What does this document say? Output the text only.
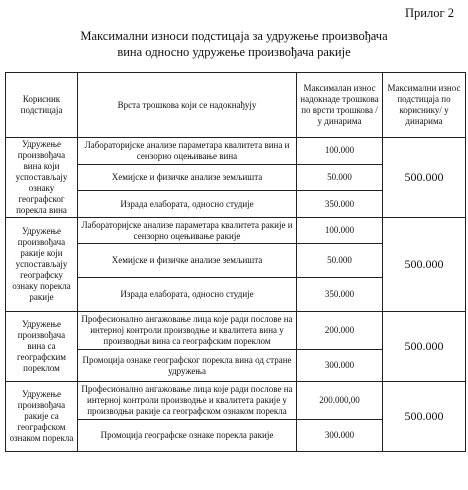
Прилог 2
Максимални износи подстицаја за удружење произвођача
вина односно удружење произвођача ракије
Корисник подстицаја	Врста трошкова који се надокнађују	Максималан износ надокнаде трошкова по врсти трошкова / у динарима	Максимални износ подстицаја по кориснику/ у динарима
Удружење произвођача вина који успостављају ознаку географског порекла вина	Лабораторијске анализе параметара квалитета вина и сензорно оцењивање вина	100.000	500.000
	Хемијске и физичке анализе земљишта	50.000	
	Израда елабората, односно студије	350.000	
Удружење произвођача ракије који успостављају географску ознаку порекла ракије	Лабораторијске анализе параметара квалитета ракије и сензорно оцењивање ракије	100.000	500.000
	Хемијске и физичке анализе земљишта	50.000	
	Израда елабората, односно студије	350.000	
Удружење произвођача вина са географским пореклом	Професионално ангажовање лица које ради послове на интерној контроли производње и квалитета вина у производњи вина са географским пореклом	200.000	500.000
	Промоција ознаке географског порекла вина од стране удружења	300.000	
Удружење произвођача ракије са географском ознаком порекла	Професионално ангажовање лица које ради послове на интерној контроли производње и квалитета ракије у производњи ракије са географском ознаком порекла	200.000,00	500.000
	Промоција географске ознаке порекла ракије	300.000	
